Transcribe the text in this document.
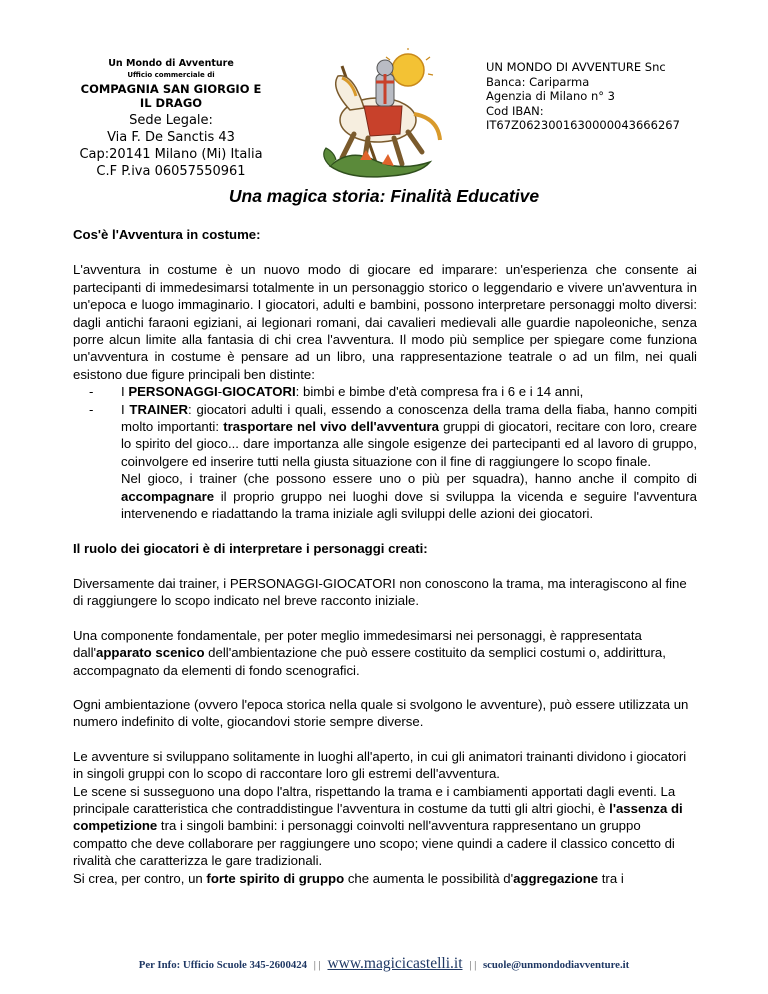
Un Mondo di Avventure
Ufficio commerciale di
COMPAGNIA SAN GIORGIO E
IL DRAGO
Sede Legale:
Via F. De Sanctis 43
Cap:20141 Milano (Mi) Italia
C.F P.iva 06057550961
UN MONDO DI AVVENTURE Snc
Banca: Cariparma
Agenzia di Milano n° 3
Cod IBAN:
IT67Z0623001630000043666267
Una magica storia: Finalità Educative
Cos'è l'Avventura in costume:

L'avventura in costume è un nuovo modo di giocare ed imparare: un'esperienza che consente ai partecipanti di immedesimarsi totalmente in un personaggio storico o leggendario e vivere un'avventura in un'epoca e luogo immaginario. I giocatori, adulti e bambini, possono interpretare personaggi molto diversi: dagli antichi faraoni egiziani, ai legionari romani, dai cavalieri medievali alle guardie napoleoniche, senza porre alcun limite alla fantasia di chi crea l'avventura. Il modo più semplice per spiegare come funziona un'avventura in costume è pensare ad un libro, una rappresentazione teatrale o ad un film, nei quali esistono due figure principali ben distinte:

- I PERSONAGGI-GIOCATORI: bimbi e bimbe d'età compresa fra i 6 e i 14 anni,
- I TRAINER: giocatori adulti i quali, essendo a conoscenza della trama della fiaba, hanno compiti molto importanti: trasportare nel vivo dell'avventura gruppi di giocatori, recitare con loro, creare lo spirito del gioco... dare importanza alle singole esigenze dei partecipanti ed al lavoro di gruppo, coinvolgere ed inserire tutti nella giusta situazione con il fine di raggiungere lo scopo finale.
Nel gioco, i trainer (che possono essere uno o più per squadra), hanno anche il compito di accompagnare il proprio gruppo nei luoghi dove si sviluppa la vicenda e seguire l'avventura intervenendo e riadattando la trama iniziale agli sviluppi delle azioni dei giocatori.
Il ruolo dei giocatori è di interpretare i personaggi creati:

Diversamente dai trainer, i PERSONAGGI-GIOCATORI non conoscono la trama, ma interagiscono al fine di raggiungere lo scopo indicato nel breve racconto iniziale.

Una componente fondamentale, per poter meglio immedesimarsi nei personaggi, è rappresentata dall'apparato scenico dell'ambientazione che può essere costituito da semplici costumi o, addirittura, accompagnato da elementi di fondo scenografici.

Ogni ambientazione (ovvero l'epoca storica nella quale si svolgono le avventure), può essere utilizzata un numero indefinito di volte, giocandovi storie sempre diverse.

Le avventure si sviluppano solitamente in luoghi all'aperto, in cui gli animatori trainanti dividono i giocatori in singoli gruppi con lo scopo di raccontare loro gli estremi dell'avventura.
Le scene si susseguono una dopo l'altra, rispettando la trama e i cambiamenti apportati dagli eventi. La principale caratteristica che contraddistingue l'avventura in costume da tutti gli altri giochi, è l'assenza di competizione tra i singoli bambini: i personaggi coinvolti nell'avventura rappresentano un gruppo compatto che deve collaborare per raggiungere uno scopo; viene quindi a cadere il classico concetto di rivalità che caratterizza le gare tradizionali.
Si crea, per contro, un forte spirito di gruppo che aumenta le possibilità d'aggregazione tra i

Per Info: Ufficio Scuole 345-2600424 | | www.magicicastelli.it | | scuole@unmondodiavventure.it
